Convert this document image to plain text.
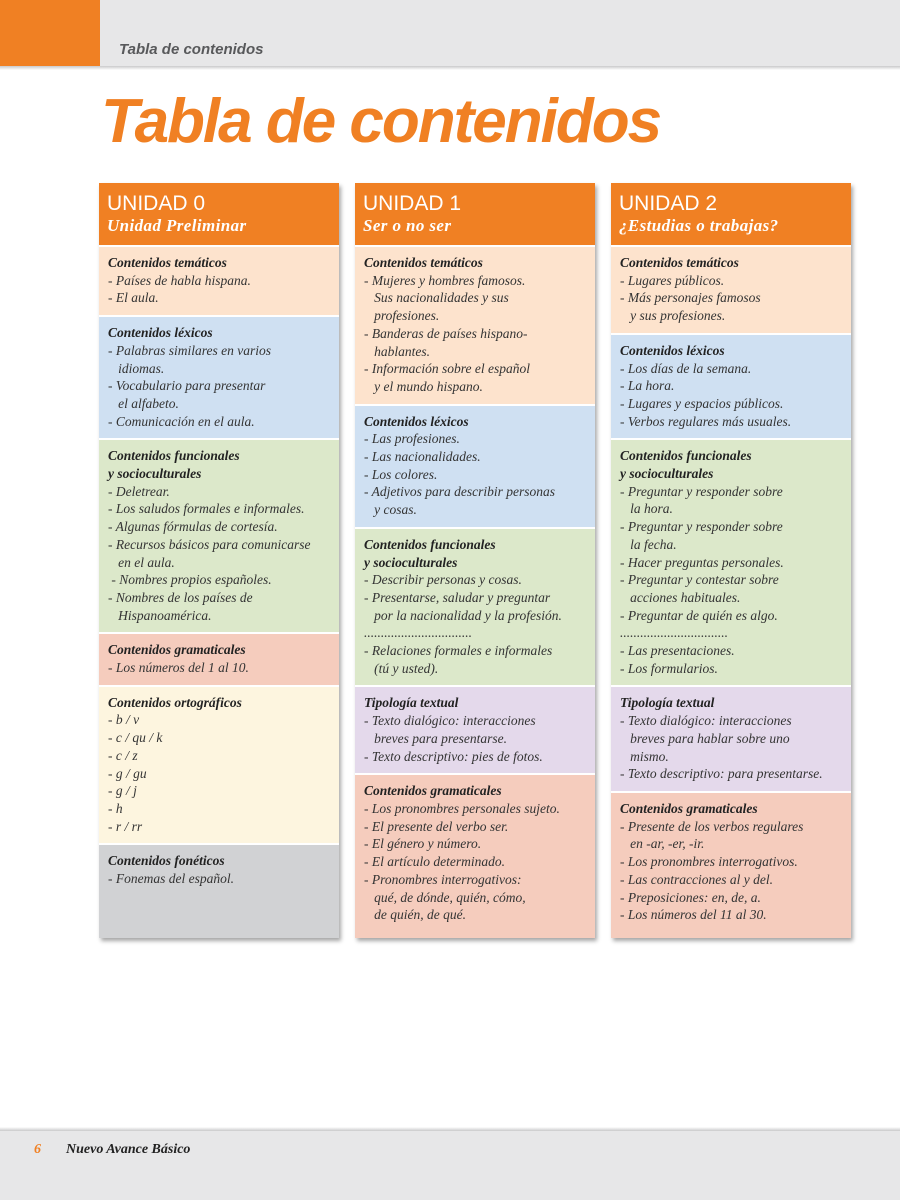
Tabla de contenidos
Tabla de contenidos
UNIDAD 0
Unidad Preliminar
Contenidos temáticos
- Países de habla hispana.
- El aula.
Contenidos léxicos
- Palabras similares en varios
idiomas.
- Vocabulario para presentar
el alfabeto.
- Comunicación en el aula.
Contenidos funcionales
y socioculturales
- Deletrear.
- Los saludos formales e informales.
- Algunas fórmulas de cortesía.
- Recursos básicos para comunicarse
en el aula.
- Nombres propios españoles.
- Nombres de los países de
Hispanoamérica.
Contenidos gramaticales
- Los números del 1 al 10.
Contenidos ortográficos
- b / v
- c / qu / k
- c / z
- g / gu
- g / j
- h
- r / rr
Contenidos fonéticos
- Fonemas del español.
UNIDAD 1
Ser o no ser
Contenidos temáticos
- Mujeres y hombres famosos.
Sus nacionalidades y sus
profesiones.
- Banderas de países hispano-
hablantes.
- Información sobre el español
y el mundo hispano.
Contenidos léxicos
- Las profesiones.
- Las nacionalidades.
- Los colores.
- Adjetivos para describir personas
y cosas.
Contenidos funcionales
y socioculturales
- Describir personas y cosas.
- Presentarse, saludar y preguntar
por la nacionalidad y la profesión.
................................
- Relaciones formales e informales
(tú y usted).
Tipología textual
- Texto dialógico: interacciones
breves para presentarse.
- Texto descriptivo: pies de fotos.
Contenidos gramaticales
- Los pronombres personales sujeto.
- El presente del verbo ser.
- El género y número.
- El artículo determinado.
- Pronombres interrogativos:
qué, de dónde, quién, cómo,
de quién, de qué.
UNIDAD 2
¿Estudias o trabajas?
Contenidos temáticos
- Lugares públicos.
- Más personajes famosos
y sus profesiones.
Contenidos léxicos
- Los días de la semana.
- La hora.
- Lugares y espacios públicos.
- Verbos regulares más usuales.
Contenidos funcionales
y socioculturales
- Preguntar y responder sobre
la hora.
- Preguntar y responder sobre
la fecha.
- Hacer preguntas personales.
- Preguntar y contestar sobre
acciones habituales.
- Preguntar de quién es algo.
................................
- Las presentaciones.
- Los formularios.
Tipología textual
- Texto dialógico: interacciones
breves para hablar sobre uno
mismo.
- Texto descriptivo: para presentarse.
Contenidos gramaticales
- Presente de los verbos regulares
en -ar, -er, -ir.
- Los pronombres interrogativos.
- Las contracciones al y del.
- Preposiciones: en, de, a.
- Los números del 11 al 30.
6 Nuevo Avance Básico
